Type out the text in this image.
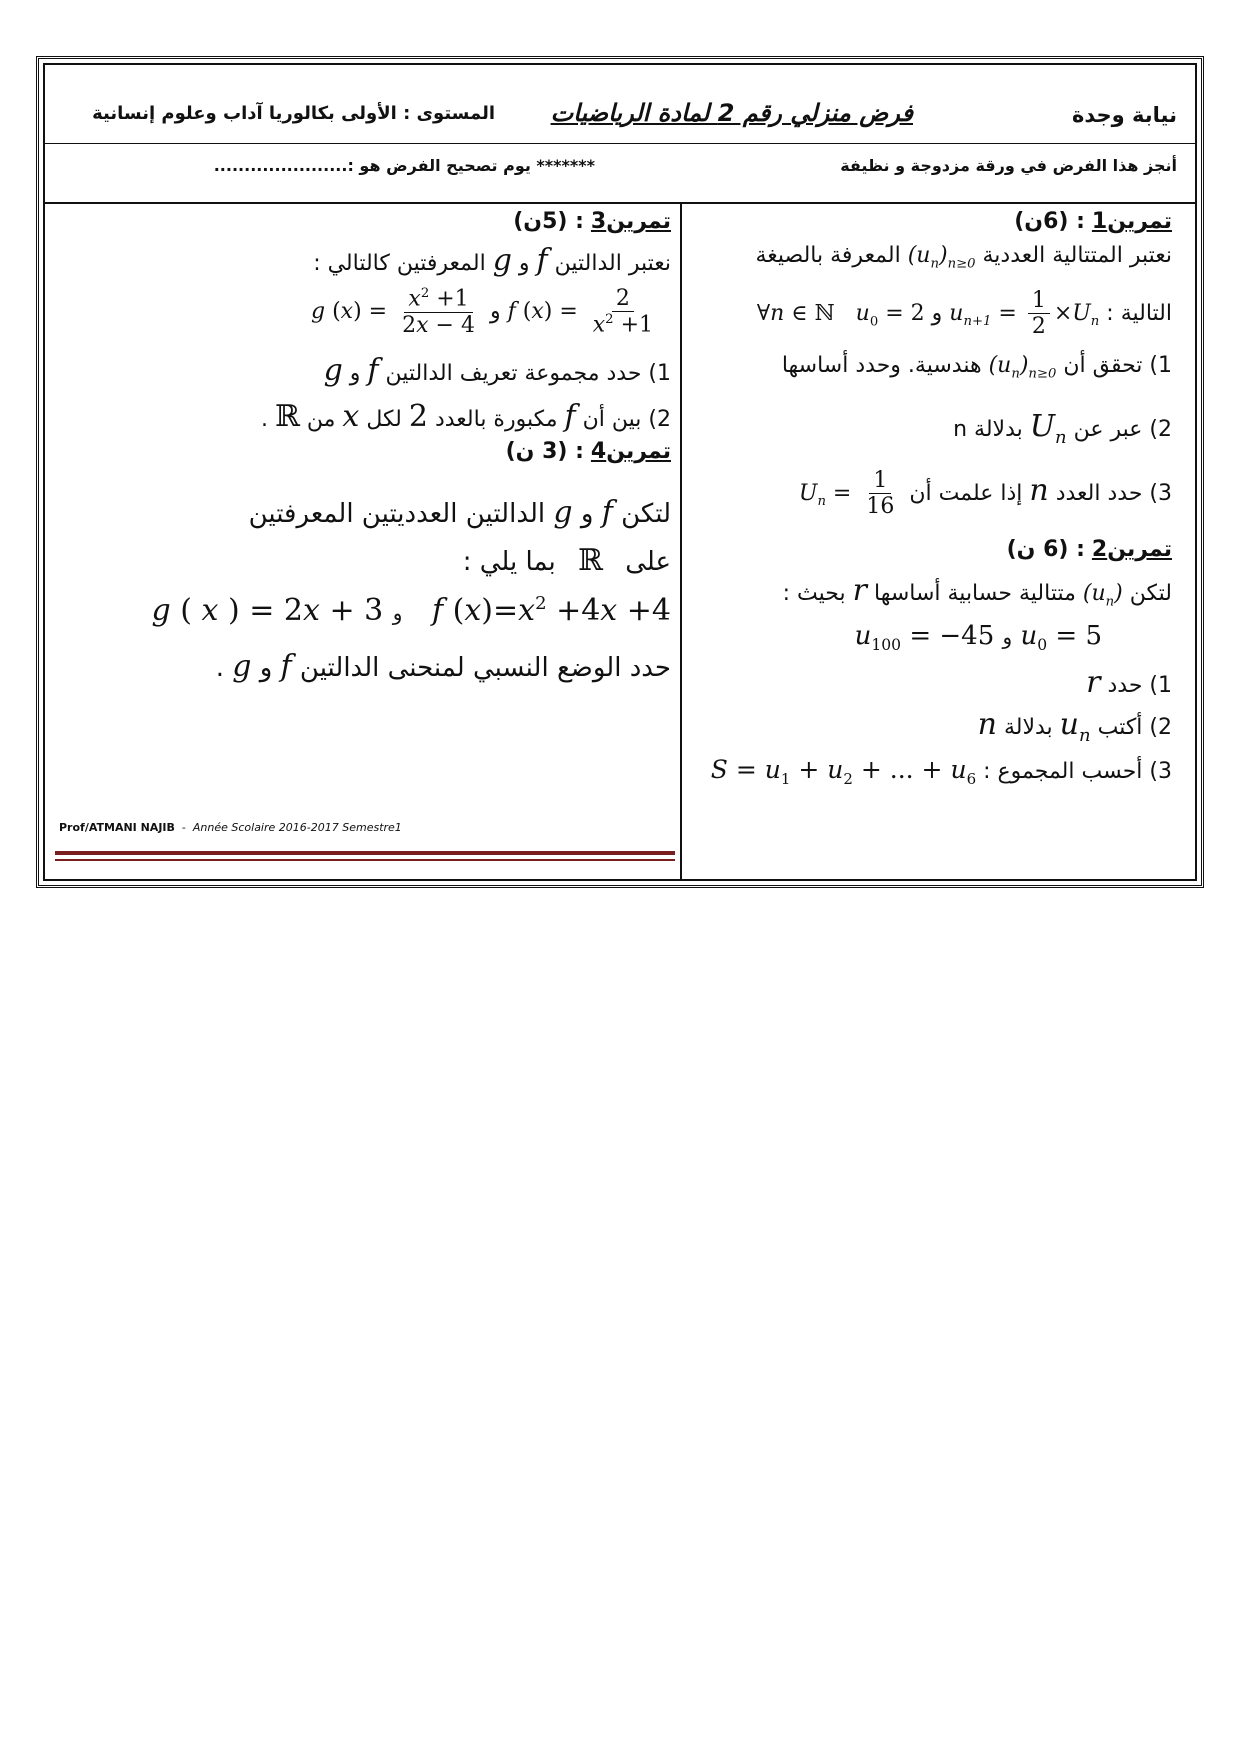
نيابة وجدة
فرض منزلي رقم 2 لمادة الرياضيات
المستوى : الأولى بكالوريا آداب وعلوم إنسانية
أنجز هذا الفرض في ورقة مزدوجة و نظيفة
******* يوم تصحيح الفرض هو :......................
تمرين1 : (6ن)
نعتبر المتتالية العددية $(u_n)_{n\ge 0}$ المعرفة بالصيغة
التالية : $u_{n+1} = \frac{1}{2} \times U_n$ و ∀n ∈ ℕ   $u_0 = 2$
1) تحقق أن $(u_n)_{n\ge 0}$ هندسية. وحدد أساسها
2) عبر عن $U_n$ بدلالة n
3) حدد العدد n إذا علمت أن $U_n = \frac{1}{16}$
تمرين2 : (6 ن)
لتكن $(u_n)$ متتالية حسابية أساسها r بحيث :
$u_0 = 5$ و $u_{100} = -45$
1) حدد r
2) أكتب $u_n$ بدلالة n
3) أحسب المجموع : $S = u_1 + u_2$ + ... + $u_6$
تمرين3 : (5ن)
نعتبر الدالتين f و g المعرفتين كالتالي :
f $(x) = \frac{2}{x^2 +1}$
و g $(x) = \frac{x^2 +1}{2x - 4}$
1) حدد مجموعة تعريف الدالتين f و g
2) بين أن f مكبورة بالعدد 2 لكل x من ℝ .
تمرين4 : (3 ن)
لتكن f و g الدالتين العدديتين المعرفتين
على ℝ بما يلي :
f $(x)=x^2 +4x +4$ و g ( x ) = 2x + 3
حدد الوضع النسبي لمنحنى الدالتين f و g .
Prof/ATMANI NAJIB - Année Scolaire 2016-2017 Semestre1
